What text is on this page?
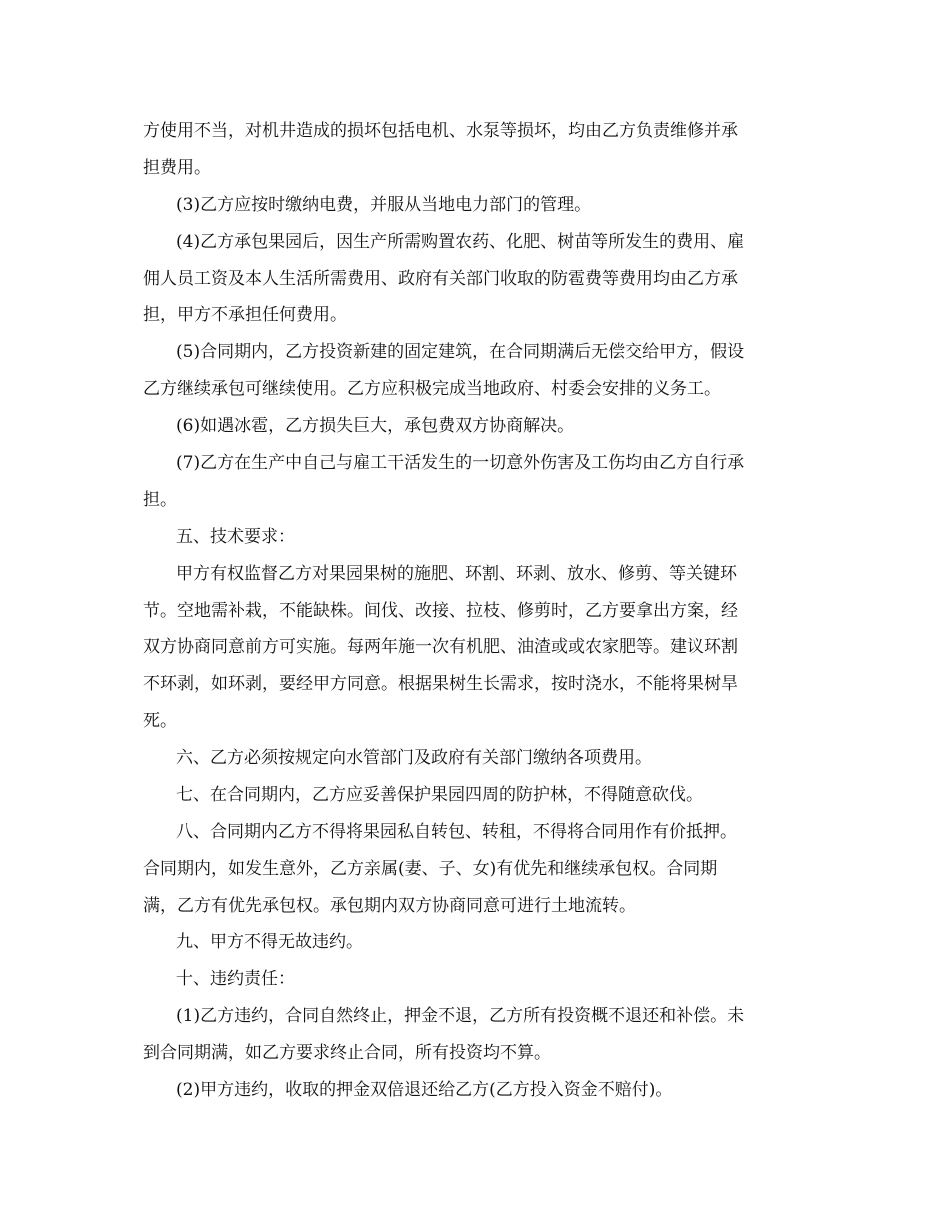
方使用不当，对机井造成的损坏包括电机、水泵等损坏，均由乙方负责维修并承
担费用。
(3)乙方应按时缴纳电费，并服从当地电力部门的管理。
(4)乙方承包果园后，因生产所需购置农药、化肥、树苗等所发生的费用、雇
佣人员工资及本人生活所需费用、政府有关部门收取的防雹费等费用均由乙方承
担，甲方不承担任何费用。
(5)合同期内，乙方投资新建的固定建筑，在合同期满后无偿交给甲方，假设
乙方继续承包可继续使用。乙方应积极完成当地政府、村委会安排的义务工。
(6)如遇冰雹，乙方损失巨大，承包费双方协商解决。
(7)乙方在生产中自己与雇工干活发生的一切意外伤害及工伤均由乙方自行承
担。
五、技术要求：
甲方有权监督乙方对果园果树的施肥、环割、环剥、放水、修剪、等关键环
节。空地需补栽，不能缺株。间伐、改接、拉枝、修剪时，乙方要拿出方案，经
双方协商同意前方可实施。每两年施一次有机肥、油渣或或农家肥等。建议环割
不环剥，如环剥，要经甲方同意。根据果树生长需求，按时浇水，不能将果树旱
死。
六、乙方必须按规定向水管部门及政府有关部门缴纳各项费用。
七、在合同期内，乙方应妥善保护果园四周的防护林，不得随意砍伐。
八、合同期内乙方不得将果园私自转包、转租，不得将合同用作有价抵押。
合同期内，如发生意外，乙方亲属(妻、子、女)有优先和继续承包权。合同期
满，乙方有优先承包权。承包期内双方协商同意可进行土地流转。
九、甲方不得无故违约。
十、违约责任：
(1)乙方违约，合同自然终止，押金不退，乙方所有投资概不退还和补偿。未
到合同期满，如乙方要求终止合同，所有投资均不算。
(2)甲方违约，收取的押金双倍退还给乙方(乙方投入资金不赔付)。
